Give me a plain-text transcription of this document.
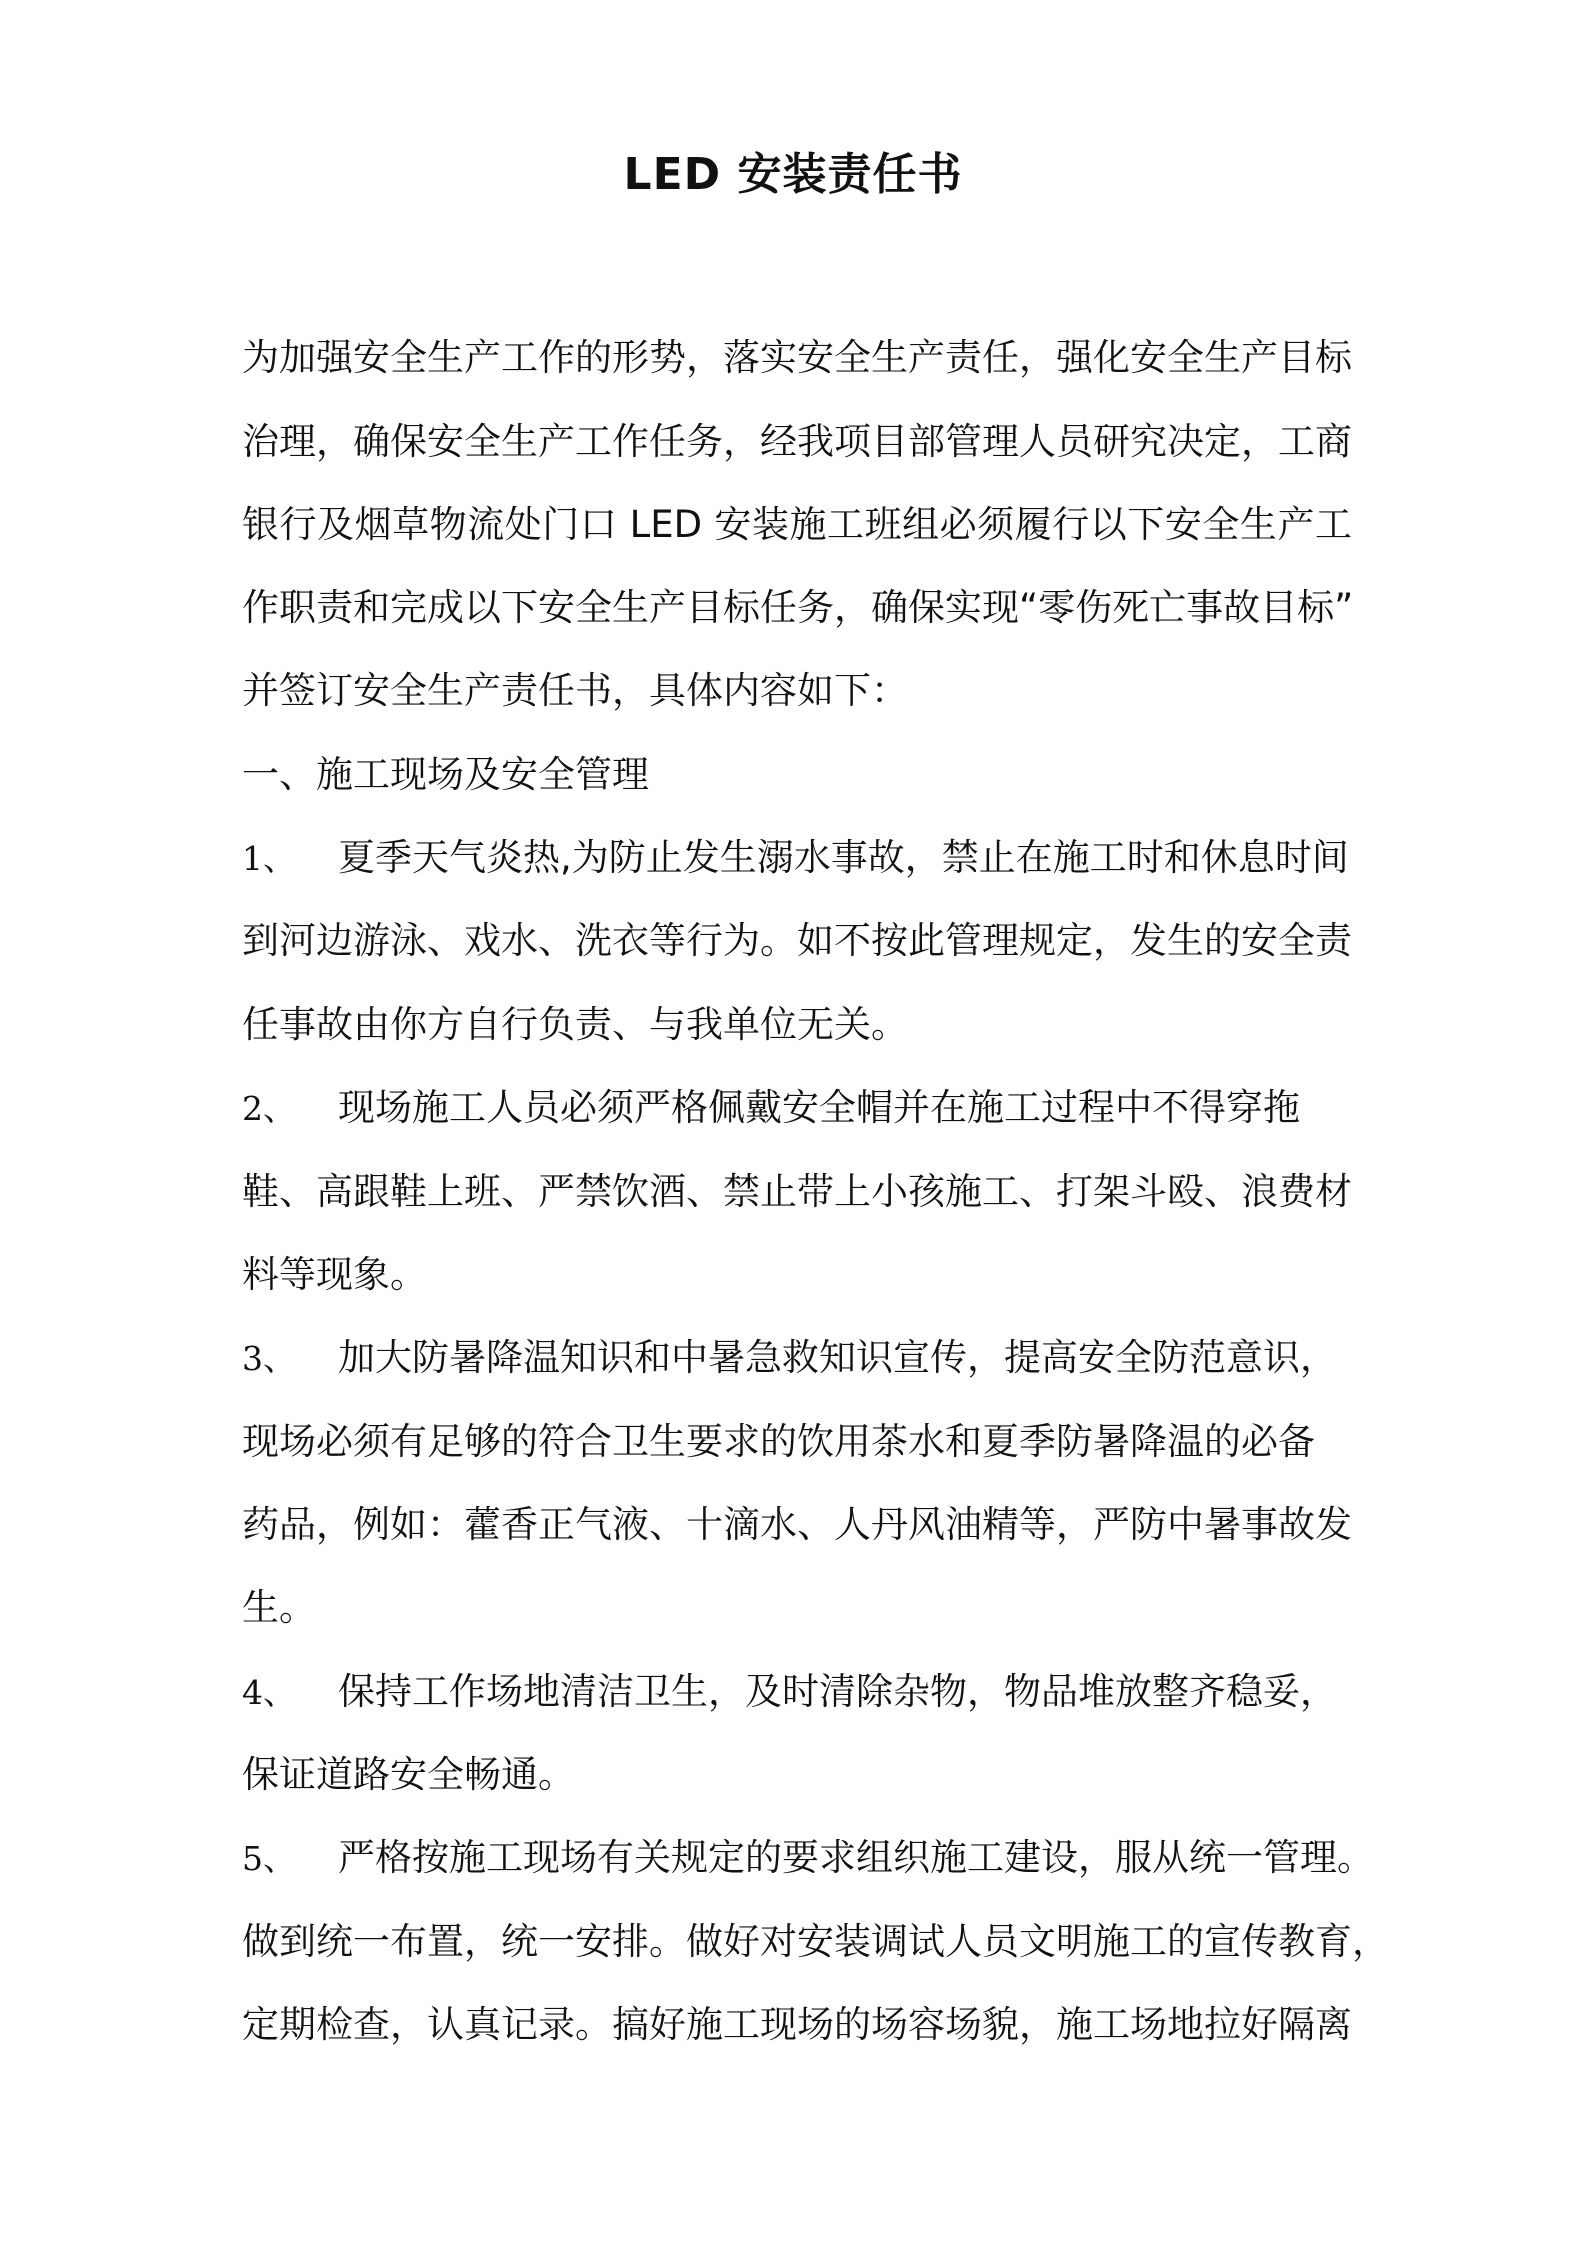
LED 安装责任书
为加强安全生产工作的形势，落实安全生产责任，强化安全生产目标
治理，确保安全生产工作任务，经我项目部管理人员研究决定，工商
银行及烟草物流处门口 LED 安装施工班组必须履行以下安全生产工
作职责和完成以下安全生产目标任务，确保实现“零伤死亡事故目标”
并签订安全生产责任书，具体内容如下：
一、施工现场及安全管理
1、 夏季天气炎热,为防止发生溺水事故，禁止在施工时和休息时间
到河边游泳、戏水、洗衣等行为。如不按此管理规定，发生的安全责
任事故由你方自行负责、与我单位无关。
2、 现场施工人员必须严格佩戴安全帽并在施工过程中不得穿拖
鞋、高跟鞋上班、严禁饮酒、禁止带上小孩施工、打架斗殴、浪费材
料等现象。
3、 加大防暑降温知识和中暑急救知识宣传，提高安全防范意识，
现场必须有足够的符合卫生要求的饮用茶水和夏季防暑降温的必备
药品，例如：藿香正气液、十滴水、人丹风油精等，严防中暑事故发
生。
4、 保持工作场地清洁卫生，及时清除杂物，物品堆放整齐稳妥，
保证道路安全畅通。
5、 严格按施工现场有关规定的要求组织施工建设，服从统一管理。
做到统一布置，统一安排。做好对安装调试人员文明施工的宣传教育，
定期检查，认真记录。搞好施工现场的场容场貌，施工场地拉好隔离
